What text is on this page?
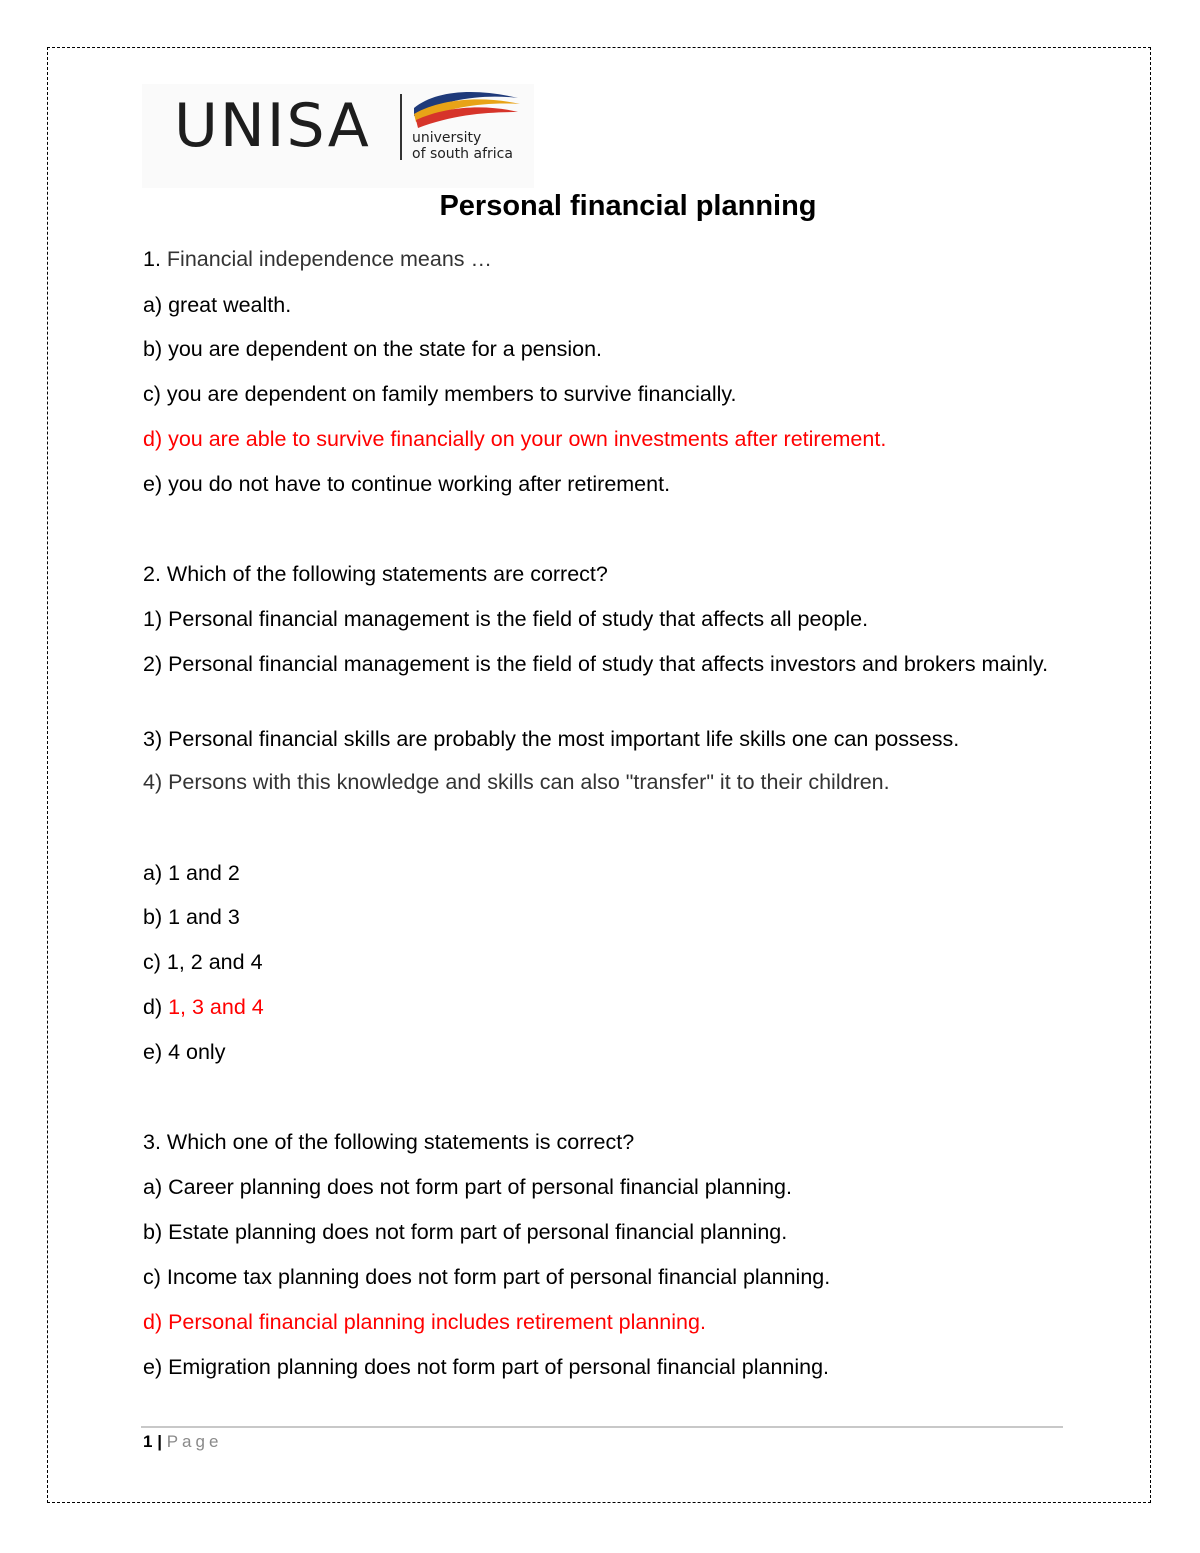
UNISA	university
of south africa
Personal financial planning
1. Financial independence means …
a) great wealth.
b) you are dependent on the state for a pension.
c) you are dependent on family members to survive financially.
d) you are able to survive financially on your own investments after retirement.
e) you do not have to continue working after retirement.
2. Which of the following statements are correct?
1) Personal financial management is the field of study that affects all people.
2) Personal financial management is the field of study that affects investors and brokers mainly.
3) Personal financial skills are probably the most important life skills one can possess.
4) Persons with this knowledge and skills can also "transfer" it to their children.
a) 1 and 2
b) 1 and 3
c) 1, 2 and 4
d) 1, 3 and 4
e) 4 only
3. Which one of the following statements is correct?
a) Career planning does not form part of personal financial planning.
b) Estate planning does not form part of personal financial planning.
c) Income tax planning does not form part of personal financial planning.
d) Personal financial planning includes retirement planning.
e) Emigration planning does not form part of personal financial planning.
1 | Page
